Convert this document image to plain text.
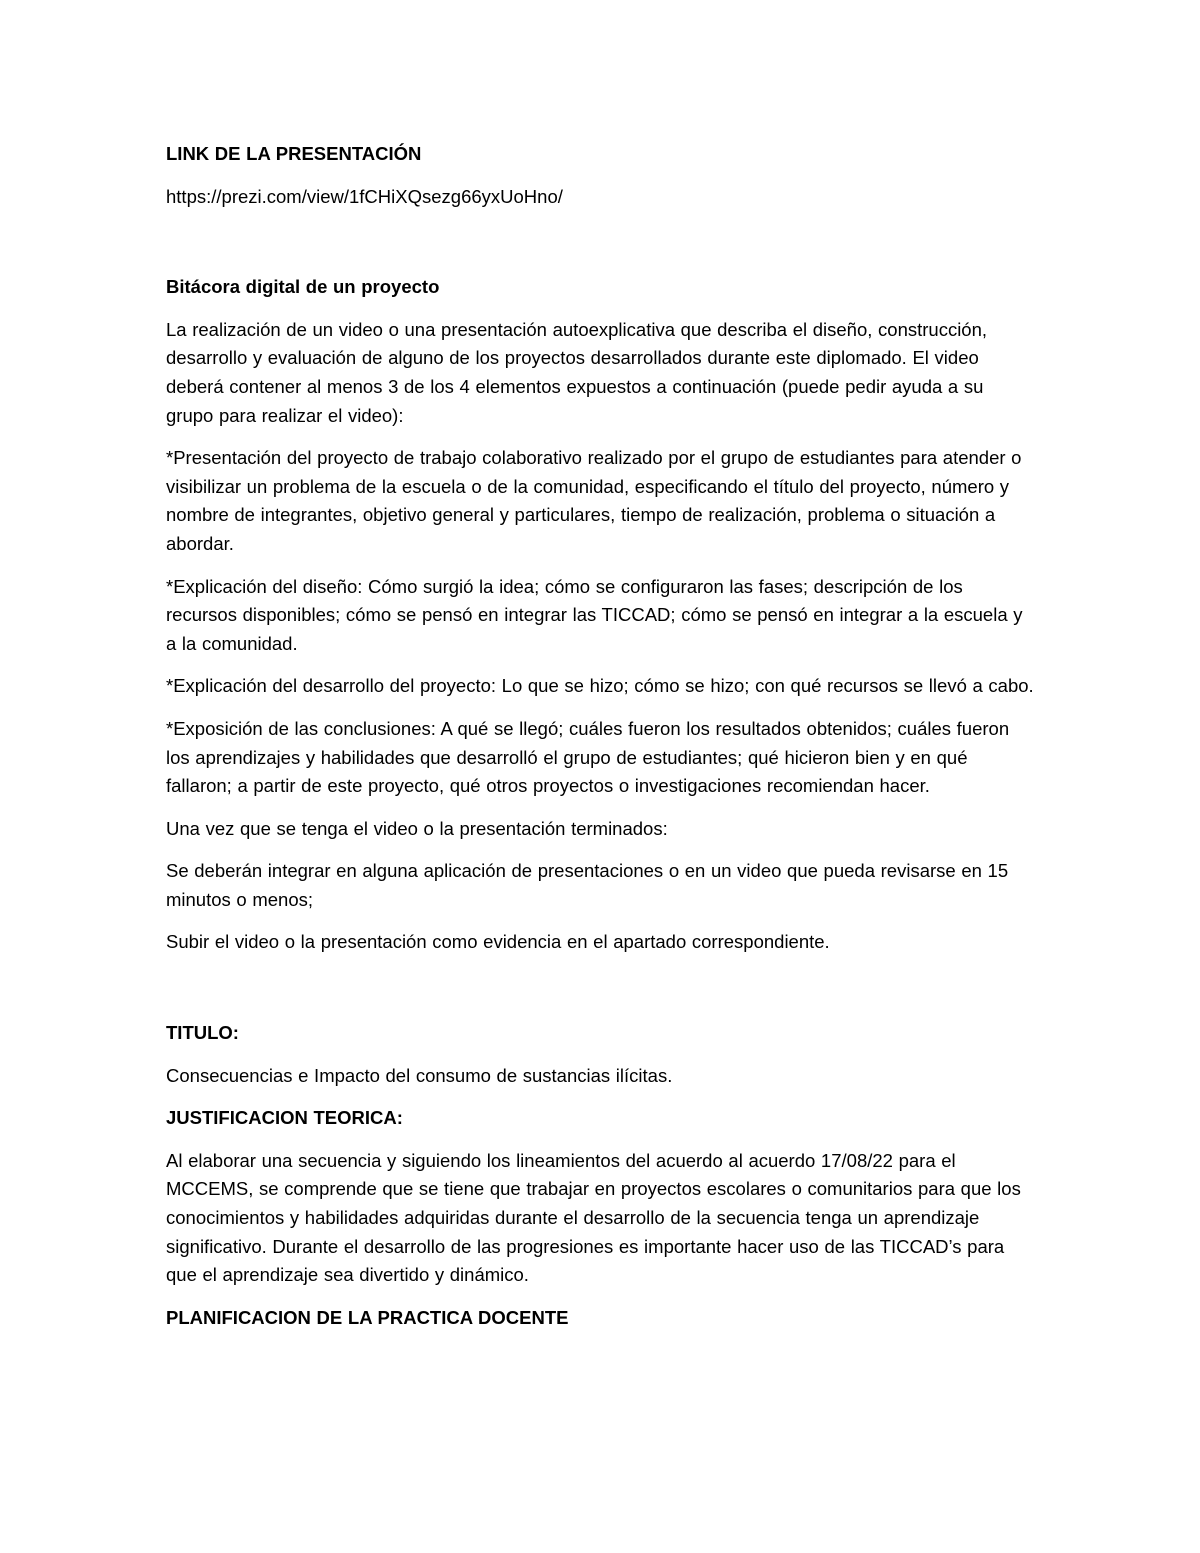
LINK DE LA PRESENTACIÓN

https://prezi.com/view/1fCHiXQsezg66yxUoHno/

Bitácora digital de un proyecto

La realización de un video o una presentación autoexplicativa que describa el diseño, construcción, desarrollo y evaluación de alguno de los proyectos desarrollados durante este diplomado. El video deberá contener al menos 3 de los 4 elementos expuestos a continuación (puede pedir ayuda a su grupo para realizar el video):

*Presentación del proyecto de trabajo colaborativo realizado por el grupo de estudiantes para atender o visibilizar un problema de la escuela o de la comunidad, especificando el título del proyecto, número y nombre de integrantes, objetivo general y particulares, tiempo de realización, problema o situación a abordar.

*Explicación del diseño: Cómo surgió la idea; cómo se configuraron las fases; descripción de los recursos disponibles; cómo se pensó en integrar las TICCAD; cómo se pensó en integrar a la escuela y a la comunidad.

*Explicación del desarrollo del proyecto: Lo que se hizo; cómo se hizo; con qué recursos se llevó a cabo.

*Exposición de las conclusiones: A qué se llegó; cuáles fueron los resultados obtenidos; cuáles fueron los aprendizajes y habilidades que desarrolló el grupo de estudiantes; qué hicieron bien y en qué fallaron; a partir de este proyecto, qué otros proyectos o investigaciones recomiendan hacer.

Una vez que se tenga el video o la presentación terminados:

Se deberán integrar en alguna aplicación de presentaciones o en un video que pueda revisarse en 15 minutos o menos;

Subir el video o la presentación como evidencia en el apartado correspondiente.

TITULO:

Consecuencias e Impacto del consumo de sustancias ilícitas.

JUSTIFICACION TEORICA:

Al elaborar una secuencia y siguiendo los lineamientos del acuerdo al acuerdo 17/08/22 para el MCCEMS, se comprende que se tiene que trabajar en proyectos escolares o comunitarios para que los conocimientos y habilidades adquiridas durante el desarrollo de la secuencia tenga un aprendizaje significativo. Durante el desarrollo de las progresiones es importante hacer uso de las TICCAD’s para que el aprendizaje sea divertido y dinámico.

PLANIFICACION DE LA PRACTICA DOCENTE
